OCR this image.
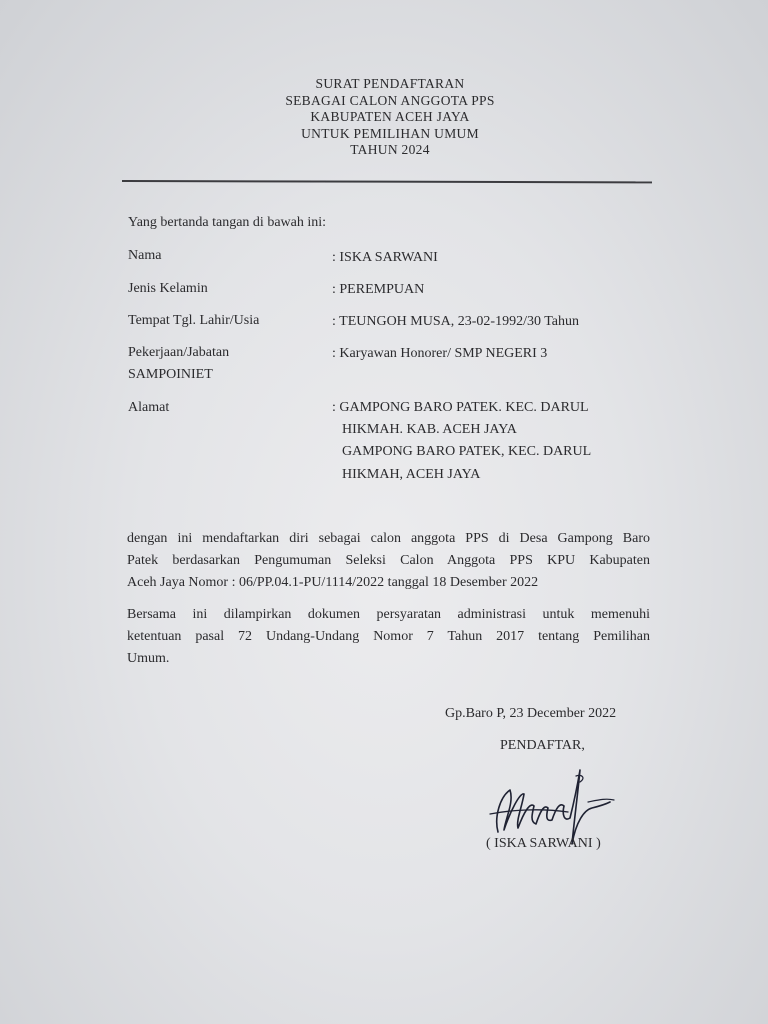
SURAT PENDAFTARAN
SEBAGAI CALON ANGGOTA PPS
KABUPATEN ACEH JAYA
UNTUK PEMILIHAN UMUM
TAHUN 2024
Yang bertanda tangan di bawah ini:
Nama	: ISKA SARWANI
Jenis Kelamin	: PEREMPUAN
Tempat Tgl. Lahir/Usia	: TEUNGOH MUSA, 23-02-1992/30 Tahun
Pekerjaan/Jabatan	: Karyawan Honorer/ SMP NEGERI 3
SAMPOINIET
Alamat	: GAMPONG BARO PATEK. KEC. DARUL
HIKMAH. KAB. ACEH JAYA
GAMPONG BARO PATEK, KEC. DARUL
HIKMAH, ACEH JAYA
dengan ini mendaftarkan diri sebagai calon anggota PPS di Desa Gampong Baro
Patek berdasarkan Pengumuman Seleksi Calon Anggota PPS KPU Kabupaten
Aceh Jaya Nomor : 06/PP.04.1-PU/1114/2022 tanggal 18 Desember 2022
Bersama ini dilampirkan dokumen persyaratan administrasi untuk memenuhi
ketentuan pasal 72 Undang-Undang Nomor 7 Tahun 2017 tentang Pemilihan
Umum.
Gp.Baro P, 23 December 2022
PENDAFTAR,
( ISKA SARWANI )
